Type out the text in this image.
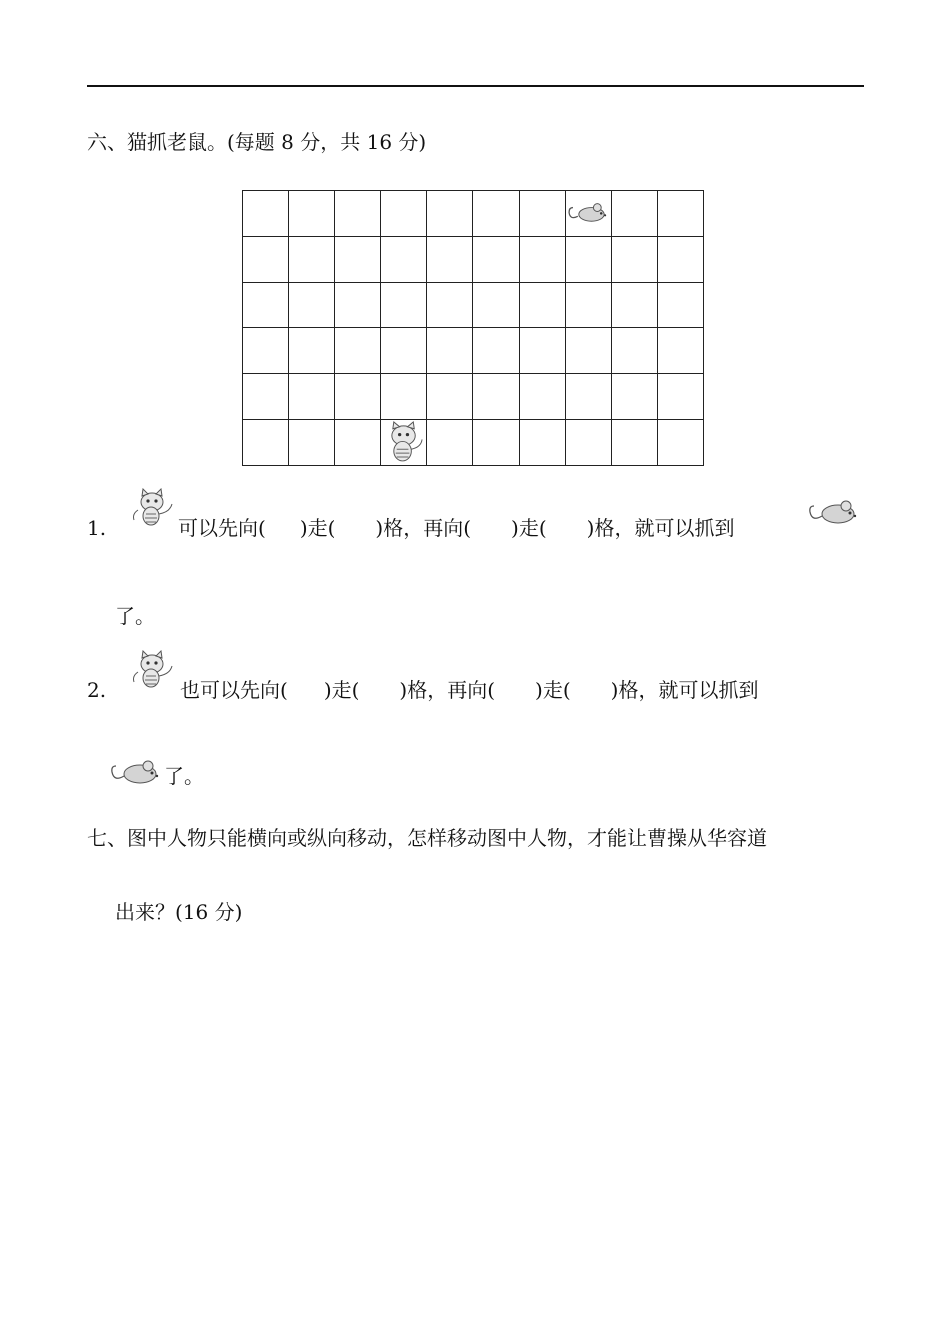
六、猫抓老鼠。(每题 8 分，共 16 分)
1.	可以先向( )走( )格，再向( )走( )格，就可以抓到
了。
2.	也可以先向( )走( )格，再向( )走( )格，就可以抓到
了。
七、图中人物只能横向或纵向移动，怎样移动图中人物，才能让曹操从华容道
出来？(16 分)
